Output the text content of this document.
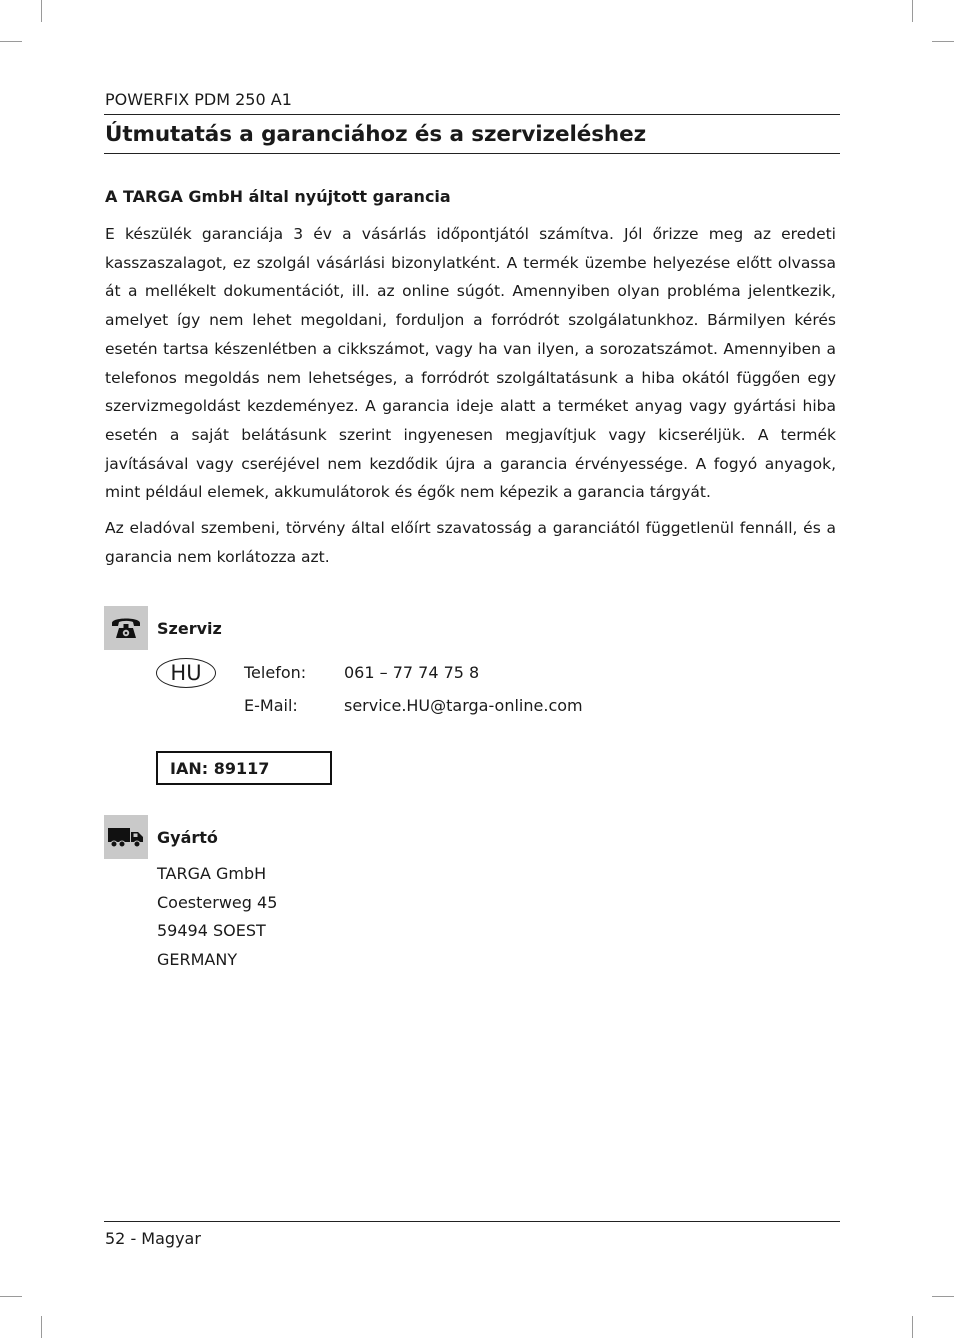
POWERFIX PDM 250 A1
Útmutatás a garanciához és a szervizeléshez
A TARGA GmbH által nyújtott garancia

E készülék garanciája 3 év a vásárlás időpontjától számítva. Jól őrizze meg az eredeti kasszaszalagot, ez szolgál vásárlási bizonylatként. A termék üzembe helyezése előtt olvassa át a mellékelt dokumentációt, ill. az online súgót. Amennyiben olyan probléma jelentkezik, amelyet így nem lehet megoldani, forduljon a forródrót szolgálatunkhoz. Bármilyen kérés esetén tartsa készenlétben a cikkszámot, vagy ha van ilyen, a sorozatszámot. Amennyiben a telefonos megoldás nem lehetséges, a forródrót szolgáltatásunk a hiba okától függően egy szervizmegoldást kezdeményez. A garancia ideje alatt a terméket anyag vagy gyártási hiba esetén a saját belátásunk szerint ingyenesen megjavítjuk vagy kicseréljük. A termék javításával vagy cseréjével nem kezdődik újra a garancia érvényessége. A fogyó anyagok, mint például elemek, akkumulátorok és égők nem képezik a garancia tárgyát.

Az eladóval szembeni, törvény által előírt szavatosság a garanciától függetlenül fennáll, és a garancia nem korlátozza azt.

Szerviz
HU	Telefon: 061 – 77 74 75 8
E-Mail:	service.HU@targa-online.com
IAN: 89117
Gyártó
TARGA GmbH
Coesterweg 45
59494 SOEST
GERMANY
52 - Magyar
